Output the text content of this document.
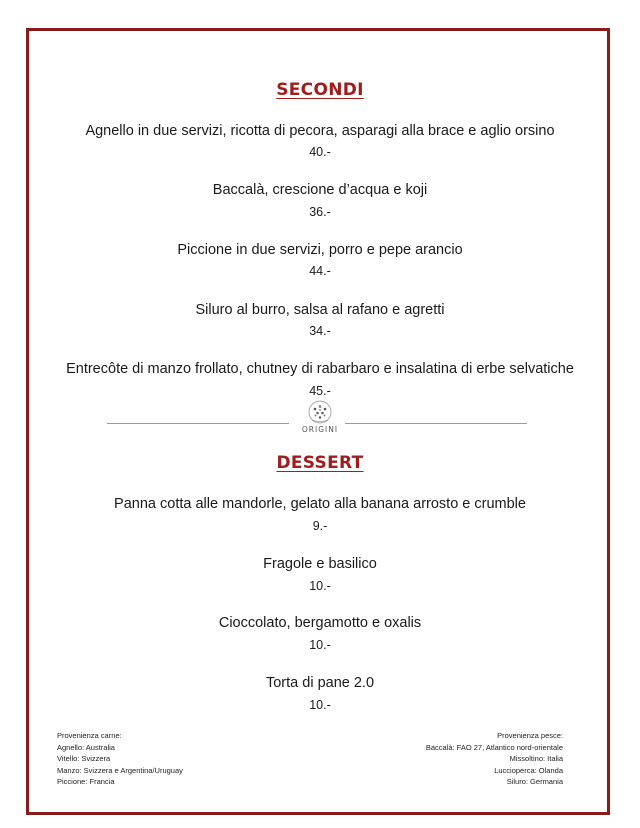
SECONDI
Agnello in due servizi, ricotta di pecora, asparagi alla brace e aglio orsino
40.-
Baccalà, crescione d’acqua e koji
36.-
Piccione in due servizi, porro e pepe arancio
44.-
Siluro al burro, salsa al rafano e agretti
34.-
Entrecôte di manzo frollato, chutney di rabarbaro e insalatina di erbe selvatiche
45.-
ORIGINI
DESSERT
Panna cotta alle mandorle, gelato alla banana arrosto e crumble
9.-
Fragole e basilico
10.-
Cioccolato, bergamotto e oxalis
10.-
Torta di pane 2.0
10.-
Provenienza carne:
Agnello: Australia
Vitello: Svizzera
Manzo: Svizzera e Argentina/Uruguay
Piccione: Francia
Provenienza pesce:
Baccalà: FAO 27, Atlantico nord-orientale
Missoltino: Italia
Luccioperca: Olanda
Siluro: Germania
